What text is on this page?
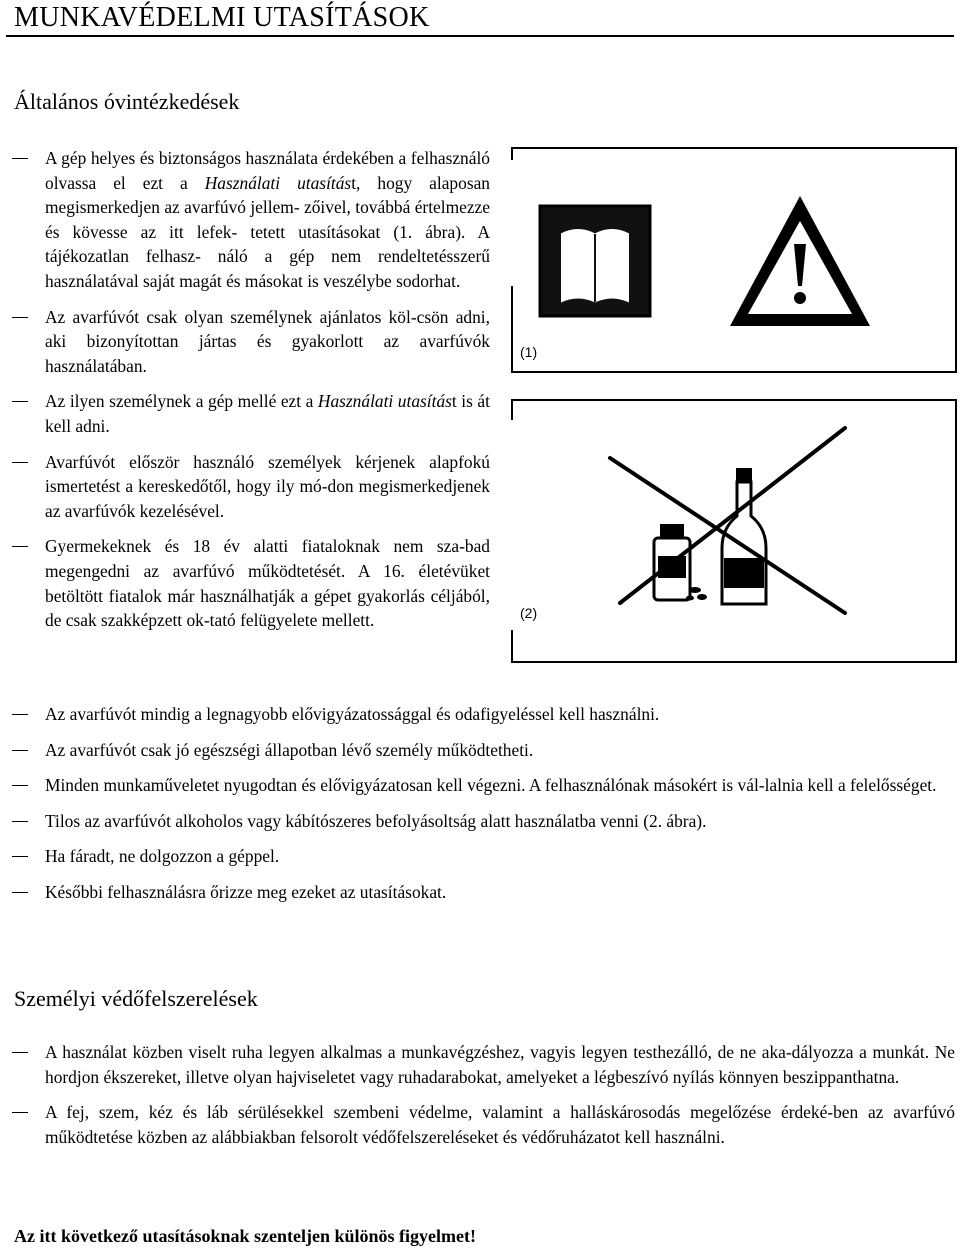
MUNKAVÉDELMI UTASÍTÁSOK
Általános óvintézkedések
A gép helyes és biztonságos használata érdekében a felhasználó olvassa el ezt a Használati utasítást, hogy alaposan megismerkedjen az avarfúvó jellem- zőivel, továbbá értelmezze és kövesse az itt lefek- tetett utasításokat (1. ábra). A tájékozatlan felhasz- náló a gép nem rendeltetésszerű használatával saját magát és másokat is veszélybe sodorhat.
Az avarfúvót csak olyan személynek ajánlatos köl-csön adni, aki bizonyítottan jártas és gyakorlott az avarfúvók használatában.
Az ilyen személynek a gép mellé ezt a Használati utasítást is át kell adni.
Avarfúvót először használó személyek kérjenek alapfokú ismertetést a kereskedőtől, hogy ily mó-don megismerkedjenek az avarfúvók kezelésével.
Gyermekeknek és 18 év alatti fiataloknak nem sza-bad megengedni az avarfúvó működtetését. A 16. életévüket betöltött fiatalok már használhatják a gépet gyakorlás céljából, de csak szakképzett ok-tató felügyelete mellett.
(1)
(2)
Az avarfúvót mindig a legnagyobb elővigyázatossággal és odafigyeléssel kell használni.
Az avarfúvót csak jó egészségi állapotban lévő személy működtetheti.
Minden munkaműveletet nyugodtan és elővigyázatosan kell végezni. A felhasználónak másokért is vál-lalnia kell a felelősséget.
Tilos az avarfúvót alkoholos vagy kábítószeres befolyásoltság alatt használatba venni (2. ábra).
Ha fáradt, ne dolgozzon a géppel.
Későbbi felhasználásra őrizze meg ezeket az utasításokat.
Személyi védőfelszerelések
A használat közben viselt ruha legyen alkalmas a munkavégzéshez, vagyis legyen testhezálló, de ne aka-dályozza a munkát. Ne hordjon ékszereket, illetve olyan hajviseletet vagy ruhadarabokat, amelyeket a légbeszívó nyílás könnyen beszippanthatna.
A fej, szem, kéz és láb sérülésekkel szembeni védelme, valamint a halláskárosodás megelőzése érdeké-ben az avarfúvó működtetése közben az alábbiakban felsorolt védőfelszereléseket és védőruházatot kell használni.

Az itt következő utasításoknak szenteljen különös figyelmet!
